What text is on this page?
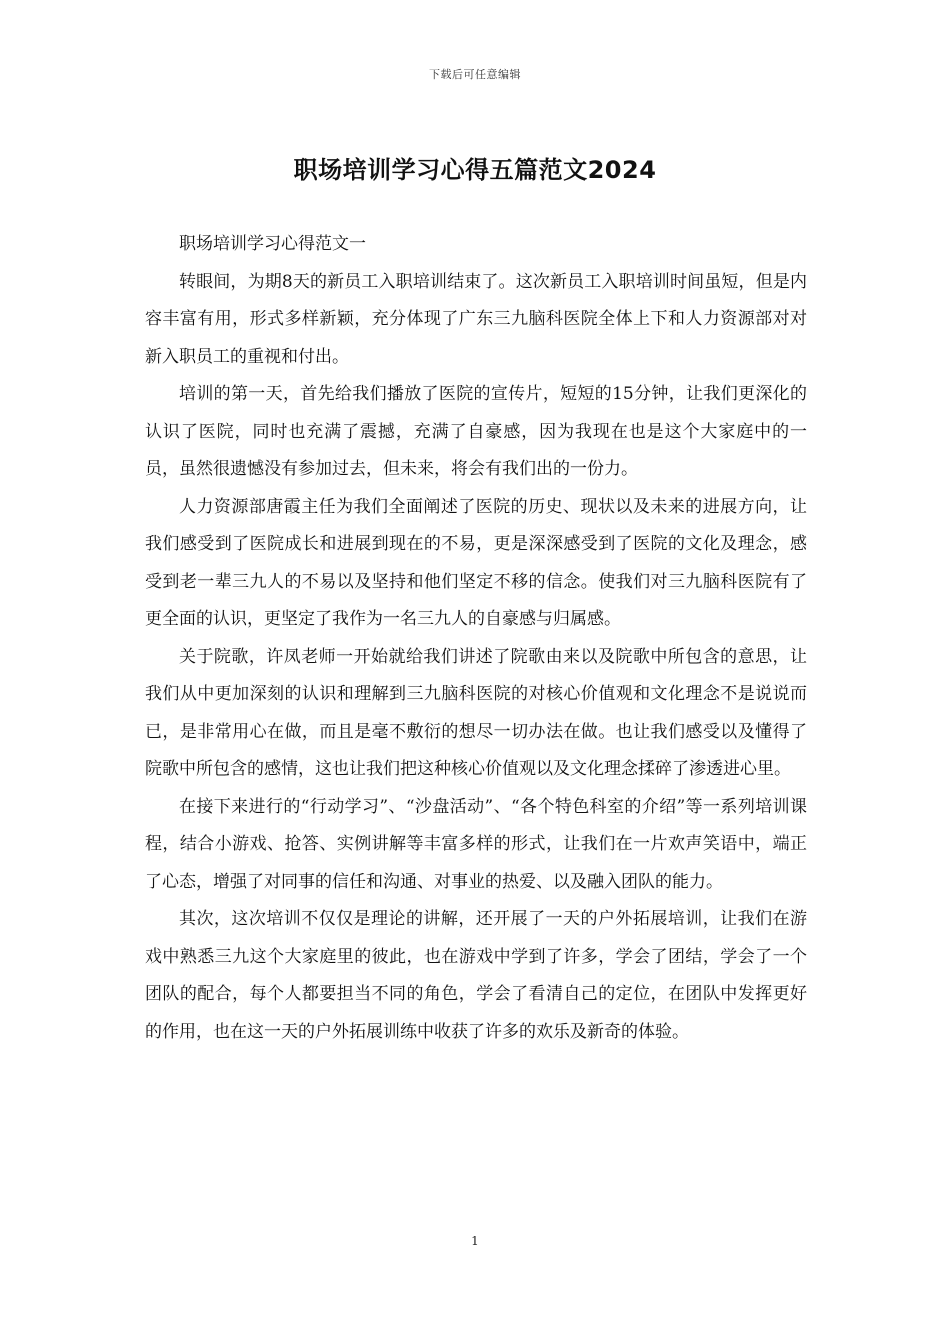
下载后可任意编辑
职场培训学习心得五篇范文2024

职场培训学习心得范文一

转眼间，为期8天的新员工入职培训结束了。这次新员工入职培训时间虽短，但是内容丰富有用，形式多样新颖，充分体现了广东三九脑科医院全体上下和人力资源部对对新入职员工的重视和付出。

培训的第一天，首先给我们播放了医院的宣传片，短短的15分钟，让我们更深化的认识了医院，同时也充满了震撼，充满了自豪感，因为我现在也是这个大家庭中的一员，虽然很遗憾没有参加过去，但未来，将会有我们出的一份力。

人力资源部唐霞主任为我们全面阐述了医院的历史、现状以及未来的进展方向，让我们感受到了医院成长和进展到现在的不易，更是深深感受到了医院的文化及理念，感受到老一辈三九人的不易以及坚持和他们坚定不移的信念。使我们对三九脑科医院有了更全面的认识，更坚定了我作为一名三九人的自豪感与归属感。

关于院歌，许凤老师一开始就给我们讲述了院歌由来以及院歌中所包含的意思，让我们从中更加深刻的认识和理解到三九脑科医院的对核心价值观和文化理念不是说说而已，是非常用心在做，而且是毫不敷衍的想尽一切办法在做。也让我们感受以及懂得了院歌中所包含的感情，这也让我们把这种核心价值观以及文化理念揉碎了渗透进心里。

在接下来进行的“行动学习”、“沙盘活动”、“各个特色科室的介绍”等一系列培训课程，结合小游戏、抢答、实例讲解等丰富多样的形式，让我们在一片欢声笑语中，端正了心态，增强了对同事的信任和沟通、对事业的热爱、以及融入团队的能力。

其次，这次培训不仅仅是理论的讲解，还开展了一天的户外拓展培训，让我们在游戏中熟悉三九这个大家庭里的彼此，也在游戏中学到了许多，学会了团结，学会了一个团队的配合，每个人都要担当不同的角色，学会了看清自己的定位，在团队中发挥更好的作用，也在这一天的户外拓展训练中收获了许多的欢乐及新奇的体验。

1
